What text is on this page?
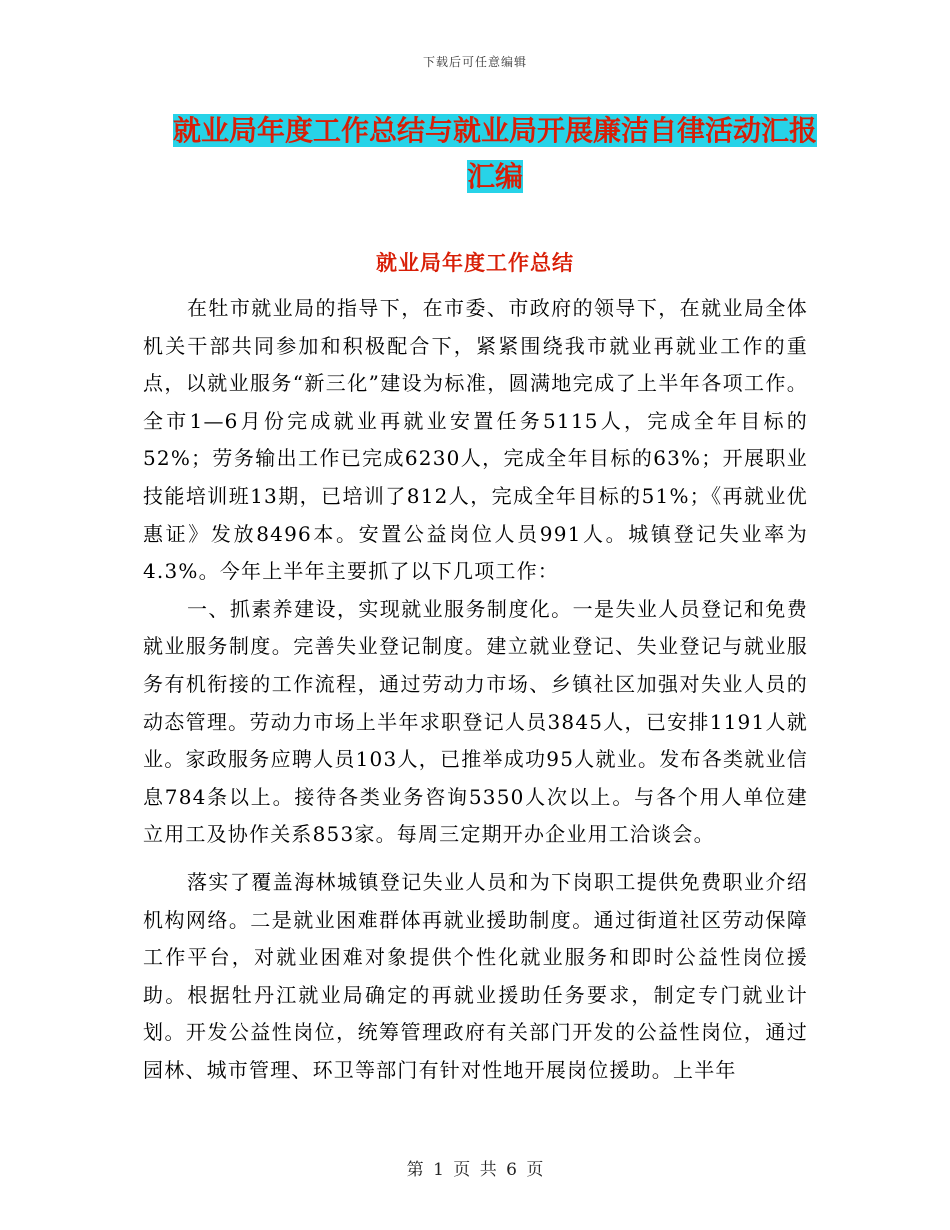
下载后可任意编辑
就业局年度工作总结与就业局开展廉洁自律活动汇报汇编
就业局年度工作总结

在牡市就业局的指导下，在市委、市政府的领导下，在就业局全体机关干部共同参加和积极配合下，紧紧围绕我市就业再就业工作的重点，以就业服务“新三化”建设为标准，圆满地完成了上半年各项工作。全市1—6月份完成就业再就业安置任务5115人，完成全年目标的52%；劳务输出工作已完成6230人，完成全年目标的63%；开展职业技能培训班13期，已培训了812人，完成全年目标的51%；《再就业优惠证》发放8496本。安置公益岗位人员991人。城镇登记失业率为 4.3%。今年上半年主要抓了以下几项工作：

一、抓素养建设，实现就业服务制度化。一是失业人员登记和免费就业服务制度。完善失业登记制度。建立就业登记、失业登记与就业服务有机衔接的工作流程，通过劳动力市场、乡镇社区加强对失业人员的动态管理。劳动力市场上半年求职登记人员3845人，已安排1191人就业。家政服务应聘人员103人，已推举成功95人就业。发布各类就业信息784条以上。接待各类业务咨询5350人次以上。与各个用人单位建立用工及协作关系853家。每周三定期开办企业用工洽谈会。

落实了覆盖海林城镇登记失业人员和为下岗职工提供免费职业介绍机构网络。二是就业困难群体再就业援助制度。通过街道社区劳动保障工作平台，对就业困难对象提供个性化就业服务和即时公益性岗位援助。根据牡丹江就业局确定的再就业援助任务要求，制定专门就业计划。开发公益性岗位，统筹管理政府有关部门开发的公益性岗位，通过园林、城市管理、环卫等部门有针对性地开展岗位援助。上半年

第 1 页 共 6 页
